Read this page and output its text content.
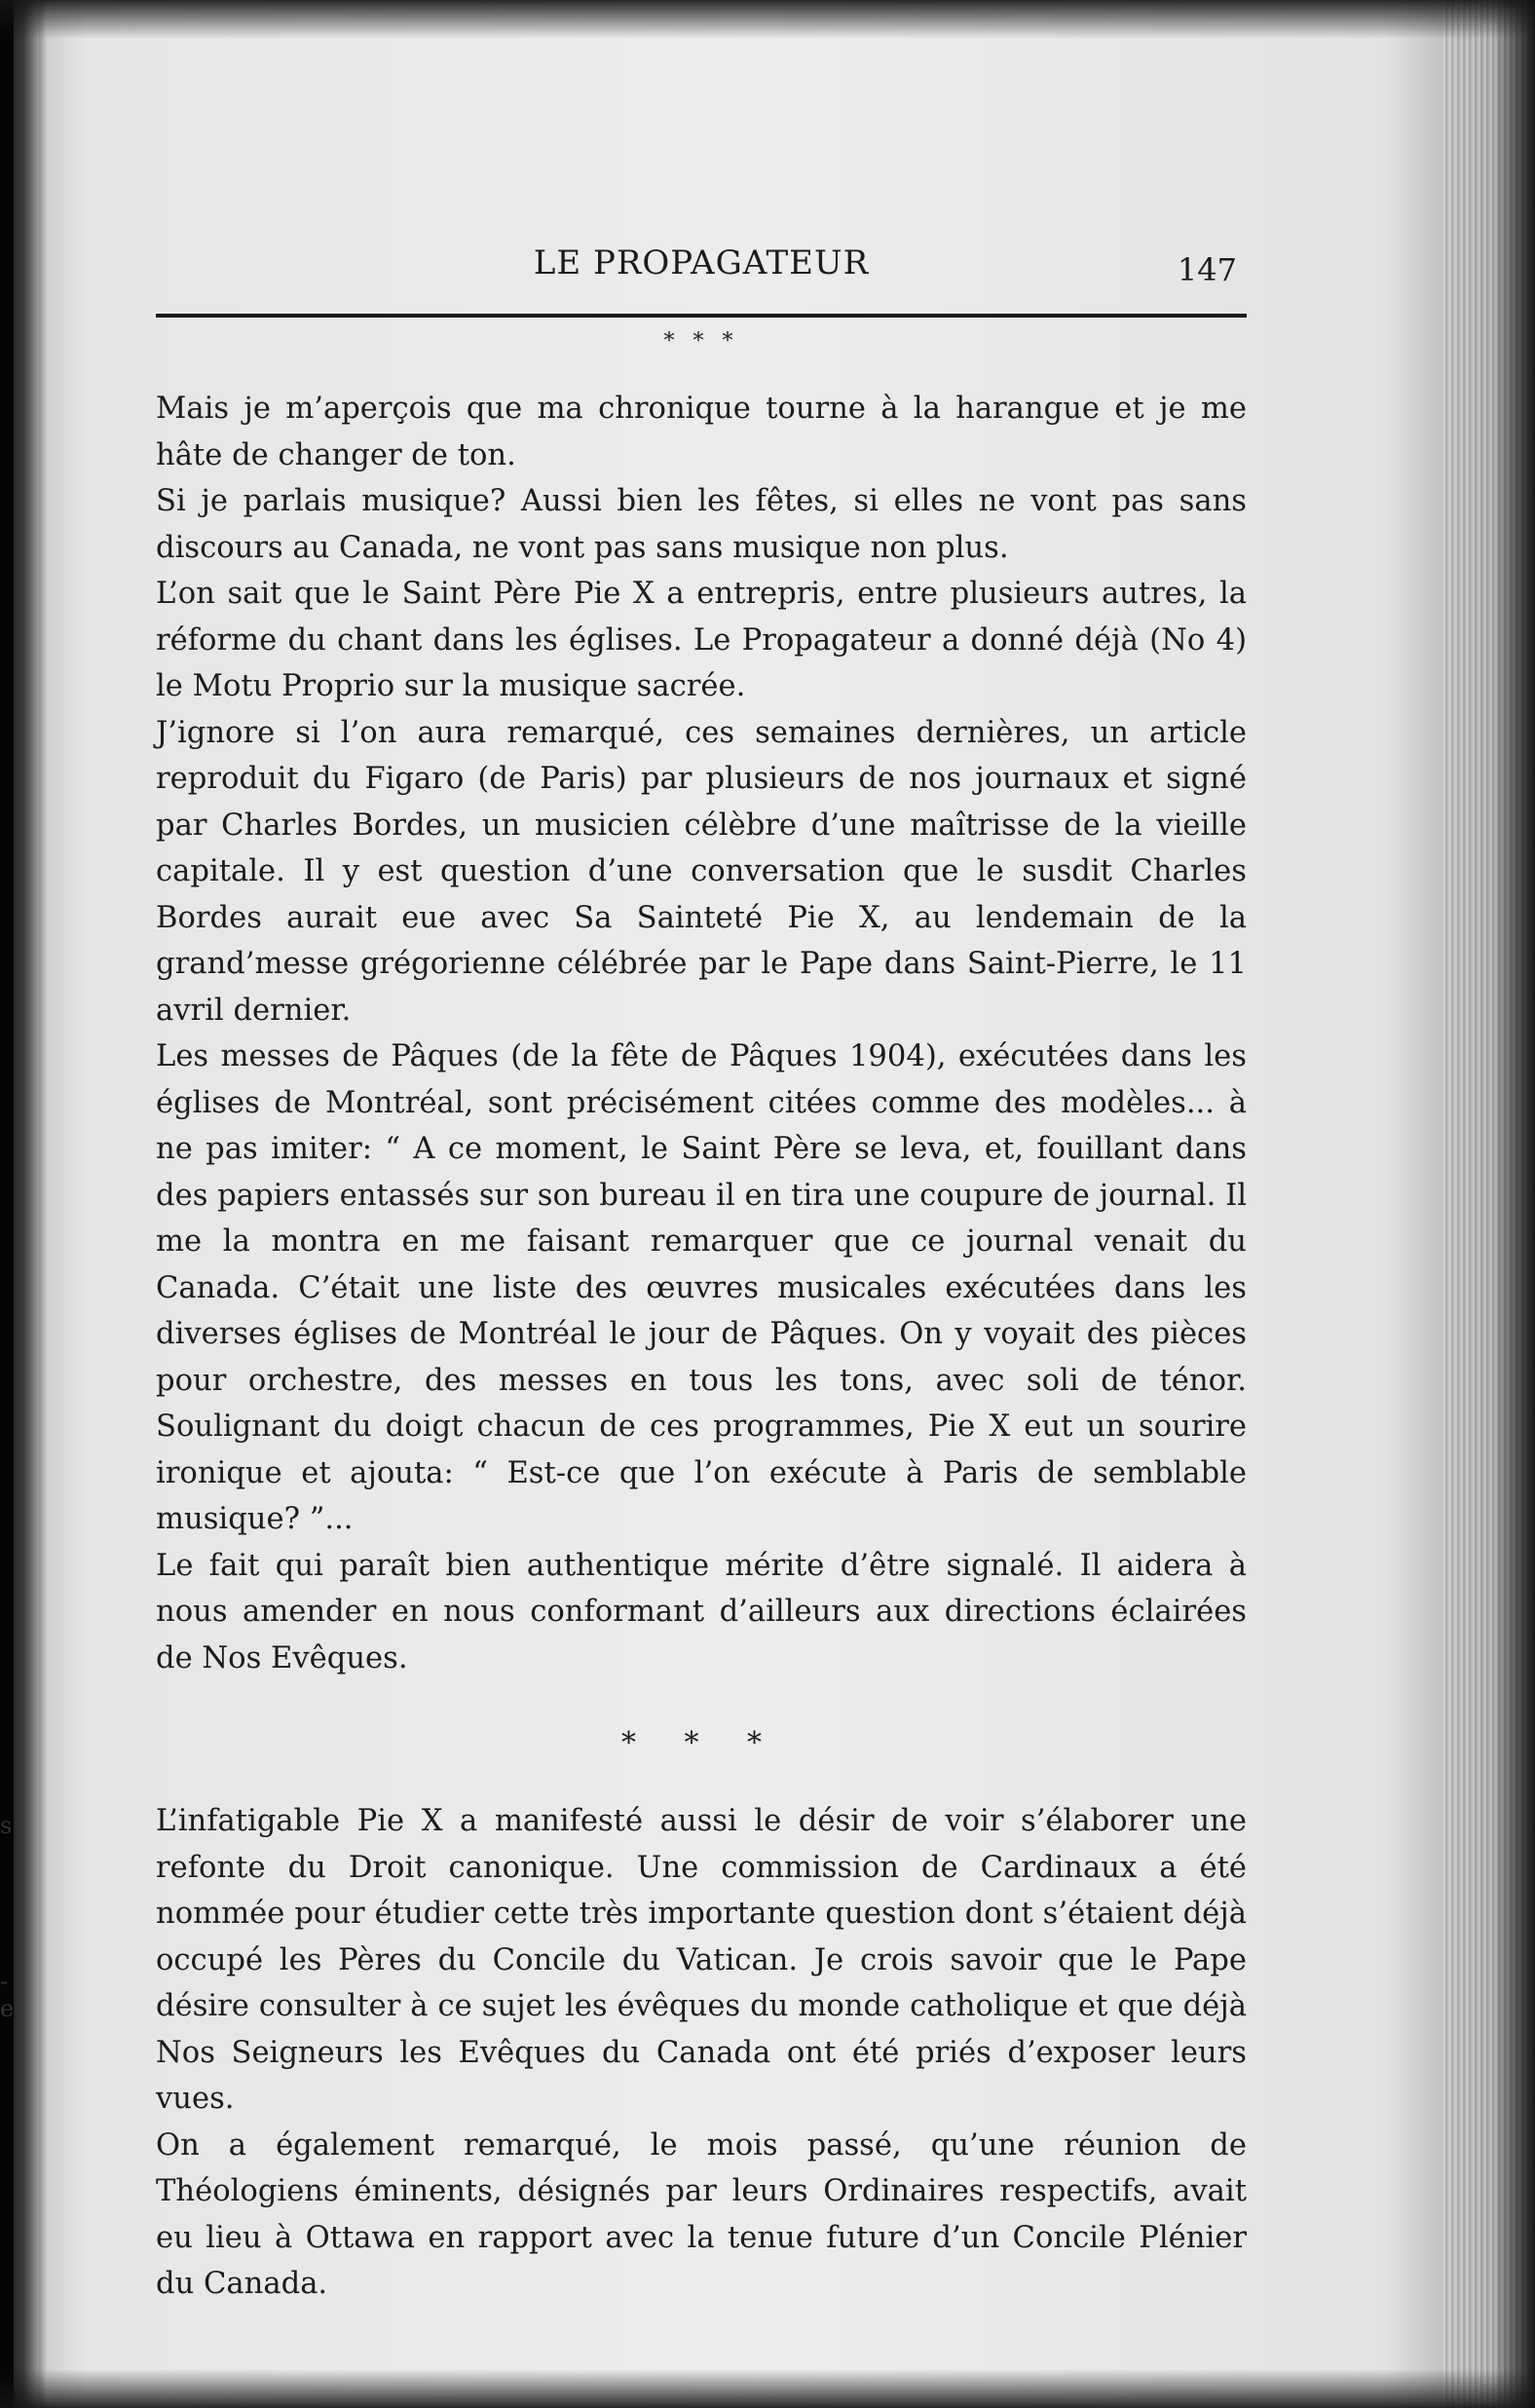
s
-
e
LE PROPAGATEUR	147
* * *

Mais je m’aperçois que ma chronique tourne à la harangue et je me hâte de changer de ton.

Si je parlais musique? Aussi bien les fêtes, si elles ne vont pas sans discours au Canada, ne vont pas sans musique non plus.

L’on sait que le Saint Père Pie X a entrepris, entre plusieurs autres, la réforme du chant dans les églises. Le Propagateur a donné déjà (No 4) le Motu Proprio sur la musique sacrée.

J’ignore si l’on aura remarqué, ces semaines dernières, un article reproduit du Figaro (de Paris) par plusieurs de nos journaux et signé par Charles Bordes, un musicien célèbre d’une maîtrisse de la vieille capitale. Il y est question d’une conversation que le susdit Charles Bordes aurait eue avec Sa Sainteté Pie X, au lendemain de la grand’messe grégorienne célébrée par le Pape dans Saint-Pierre, le 11 avril dernier.

Les messes de Pâques (de la fête de Pâques 1904), exécutées dans les églises de Montréal, sont précisément citées comme des modèles... à ne pas imiter: “ A ce moment, le Saint Père se leva, et, fouillant dans des papiers entassés sur son bureau il en tira une coupure de journal. Il me la montra en me faisant remarquer que ce journal venait du Canada. C’était une liste des œuvres musicales exécutées dans les diverses églises de Montréal le jour de Pâques. On y voyait des pièces pour orchestre, des messes en tous les tons, avec soli de ténor. Soulignant du doigt chacun de ces programmes, Pie X eut un sourire ironique et ajouta: “ Est-ce que l’on exécute à Paris de semblable musique? ”...

Le fait qui paraît bien authentique mérite d’être signalé. Il aidera à nous amender en nous conformant d’ailleurs aux directions éclairées de Nos Evêques.

* * *

L’infatigable Pie X a manifesté aussi le désir de voir s’élaborer une refonte du Droit canonique. Une commission de Cardinaux a été nommée pour étudier cette très importante question dont s’étaient déjà occupé les Pères du Concile du Vatican. Je crois savoir que le Pape désire consulter à ce sujet les évêques du monde catholique et que déjà Nos Seigneurs les Evêques du Canada ont été priés d’exposer leurs vues.

On a également remarqué, le mois passé, qu’une réunion de Théologiens éminents, désignés par leurs Ordinaires respectifs, avait eu lieu à Ottawa en rapport avec la tenue future d’un Concile Plénier du Canada.
